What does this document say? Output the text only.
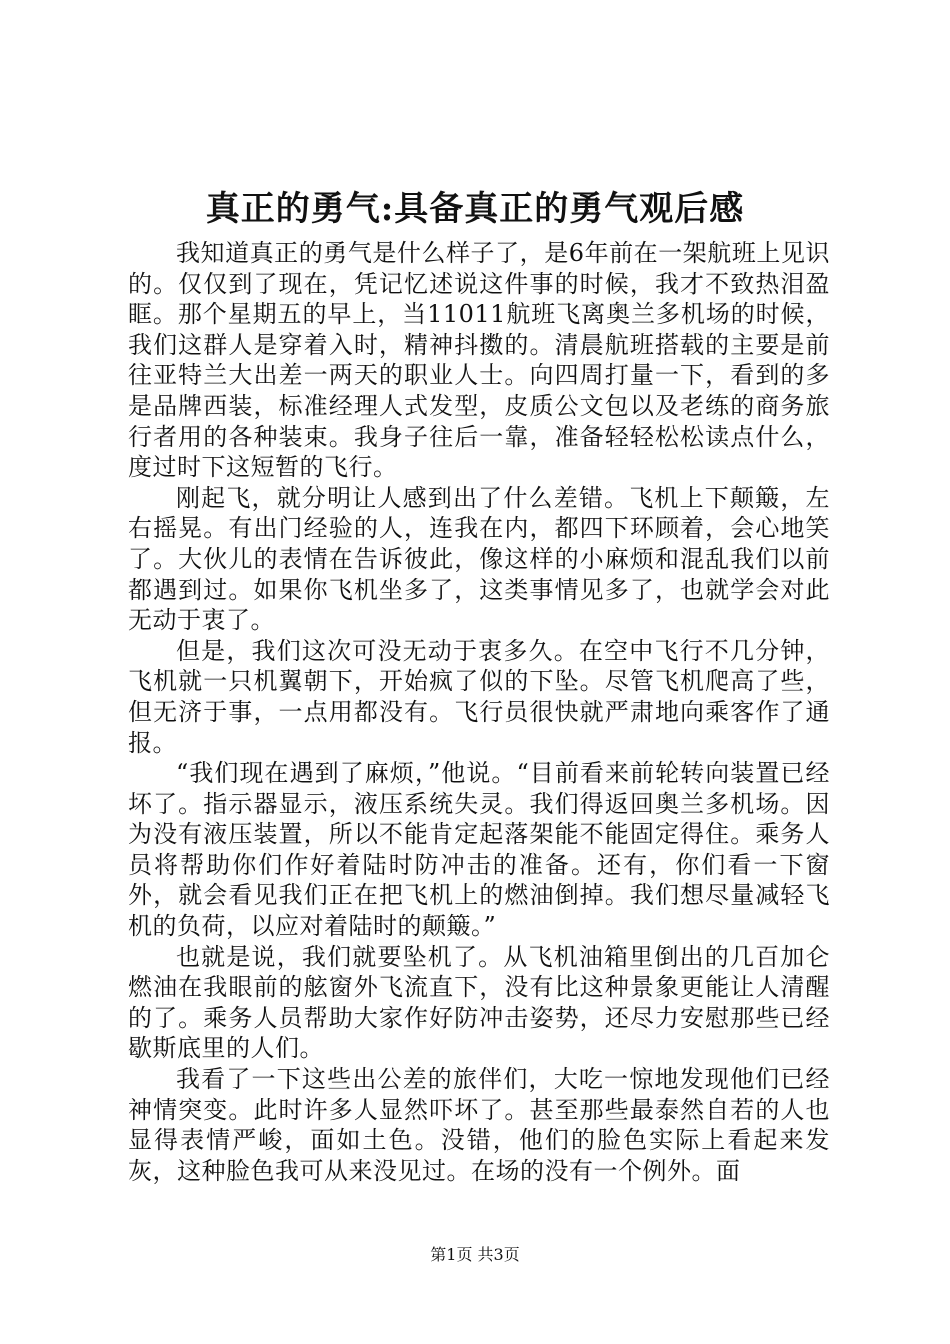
真正的勇气:具备真正的勇气观后感

我知道真正的勇气是什么样子了，是6年前在一架航班上见识的。仅仅到了现在，凭记忆述说这件事的时候，我才不致热泪盈眶。那个星期五的早上，当11011航班飞离奥兰多机场的时候，我们这群人是穿着入时，精神抖擞的。清晨航班搭载的主要是前往亚特兰大出差一两天的职业人士。向四周打量一下，看到的多是品牌西装，标准经理人式发型，皮质公文包以及老练的商务旅行者用的各种装束。我身子往后一靠，准备轻轻松松读点什么，度过时下这短暂的飞行。

刚起飞，就分明让人感到出了什么差错。飞机上下颠簸，左右摇晃。有出门经验的人，连我在内，都四下环顾着，会心地笑了。大伙儿的表情在告诉彼此，像这样的小麻烦和混乱我们以前都遇到过。如果你飞机坐多了，这类事情见多了，也就学会对此无动于衷了。

但是，我们这次可没无动于衷多久。在空中飞行不几分钟，飞机就一只机翼朝下，开始疯了似的下坠。尽管飞机爬高了些，但无济于事，一点用都没有。飞行员很快就严肃地向乘客作了通报。

“我们现在遇到了麻烦，”他说。“目前看来前轮转向装置已经坏了。指示器显示，液压系统失灵。我们得返回奥兰多机场。因为没有液压装置，所以不能肯定起落架能不能固定得住。乘务人员将帮助你们作好着陆时防冲击的准备。还有，你们看一下窗外，就会看见我们正在把飞机上的燃油倒掉。我们想尽量减轻飞机的负荷，以应对着陆时的颠簸。”

也就是说，我们就要坠机了。从飞机油箱里倒出的几百加仑燃油在我眼前的舷窗外飞流直下，没有比这种景象更能让人清醒的了。乘务人员帮助大家作好防冲击姿势，还尽力安慰那些已经歇斯底里的人们。

我看了一下这些出公差的旅伴们，大吃一惊地发现他们已经神情突变。此时许多人显然吓坏了。甚至那些最泰然自若的人也显得表情严峻，面如土色。没错，他们的脸色实际上看起来发灰，这种脸色我可从来没见过。在场的没有一个例外。面

第1页 共3页
